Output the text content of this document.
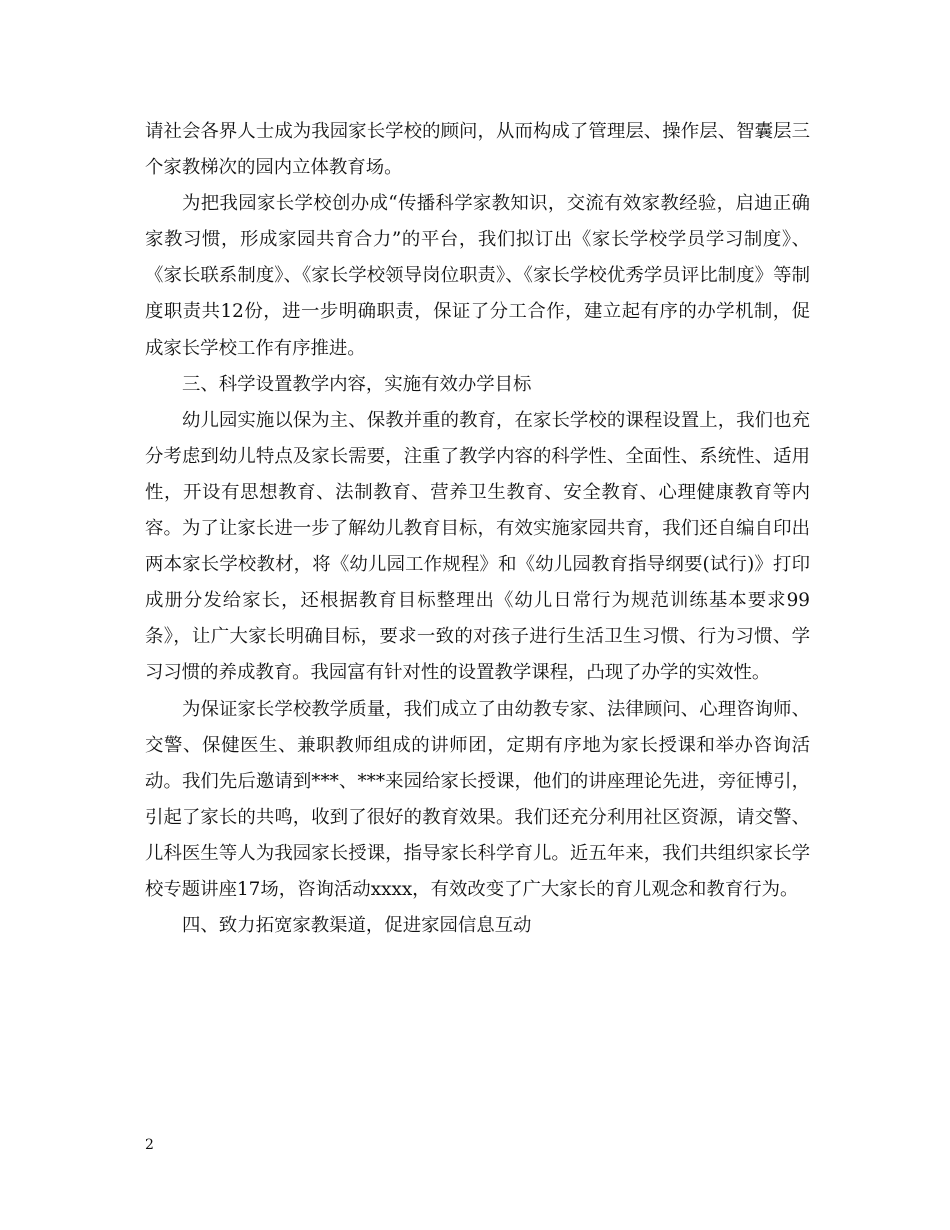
请社会各界人士成为我园家长学校的顾问，从而构成了管理层、操作层、智囊层三个家教梯次的园内立体教育场。

为把我园家长学校创办成“传播科学家教知识，交流有效家教经验，启迪正确家教习惯，形成家园共育合力”的平台，我们拟订出《家长学校学员学习制度》、《家长联系制度》、《家长学校领导岗位职责》、《家长学校优秀学员评比制度》等制度职责共12份，进一步明确职责，保证了分工合作，建立起有序的办学机制，促成家长学校工作有序推进。

三、科学设置教学内容，实施有效办学目标

幼儿园实施以保为主、保教并重的教育，在家长学校的课程设置上，我们也充分考虑到幼儿特点及家长需要，注重了教学内容的科学性、全面性、系统性、适用性，开设有思想教育、法制教育、营养卫生教育、安全教育、心理健康教育等内容。为了让家长进一步了解幼儿教育目标，有效实施家园共育，我们还自编自印出两本家长学校教材，将《幼儿园工作规程》和《幼儿园教育指导纲要(试行)》打印成册分发给家长，还根据教育目标整理出《幼儿日常行为规范训练基本要求99条》，让广大家长明确目标，要求一致的对孩子进行生活卫生习惯、行为习惯、学习习惯的养成教育。我园富有针对性的设置教学课程，凸现了办学的实效性。

为保证家长学校教学质量，我们成立了由幼教专家、法律顾问、心理咨询师、交警、保健医生、兼职教师组成的讲师团，定期有序地为家长授课和举办咨询活动。我们先后邀请到***、***来园给家长授课，他们的讲座理论先进，旁征博引，引起了家长的共鸣，收到了很好的教育效果。我们还充分利用社区资源，请交警、儿科医生等人为我园家长授课，指导家长科学育儿。近五年来，我们共组织家长学校专题讲座17场，咨询活动xxxx，有效改变了广大家长的育儿观念和教育行为。

四、致力拓宽家教渠道，促进家园信息互动

2
